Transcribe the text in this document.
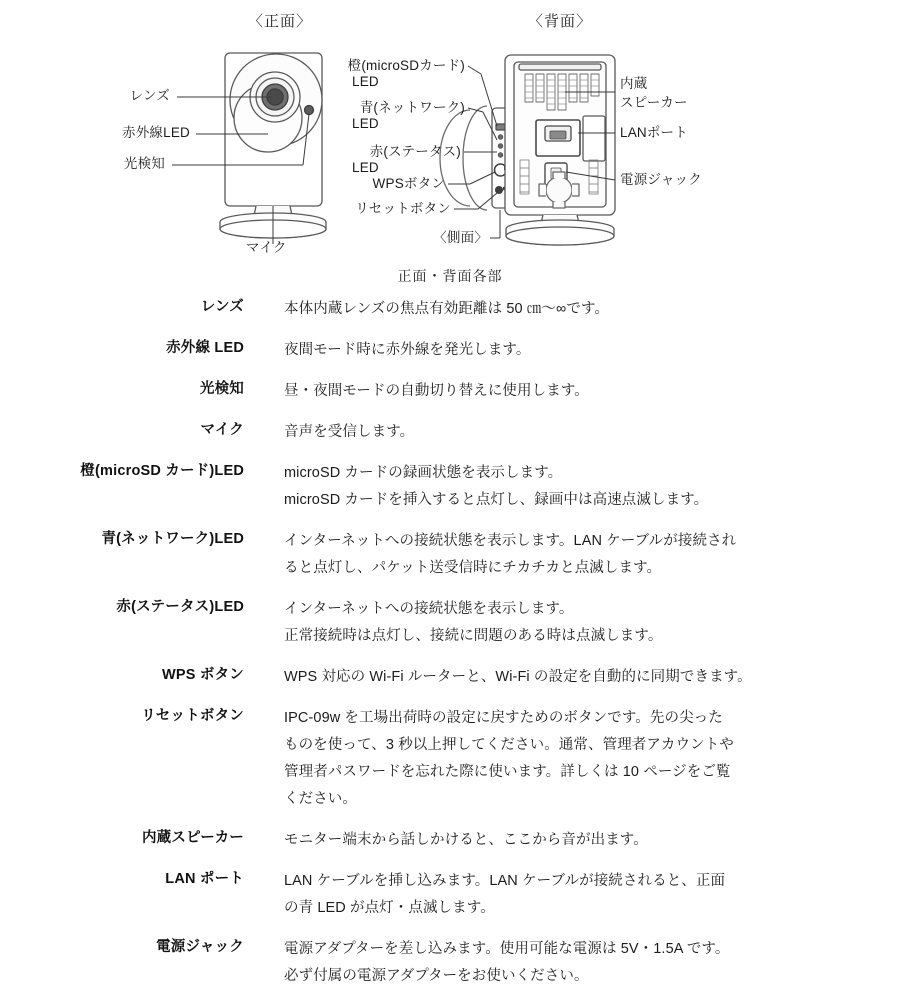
〈正面〉	〈背面〉
レンズ
赤外線LED
光検知
マイク
橙(microSDカード)
LED
青(ネットワーク)
LED
赤(ステータス)
LED
WPSボタン
リセットボタン
〈側面〉
内蔵
スピーカー
LANポート
電源ジャック
正面・背面各部
レンズ	本体内蔵レンズの焦点有効距離は 50 ㎝〜∞です。

赤外線 LED	夜間モード時に赤外線を発光します。

光検知	昼・夜間モードの自動切り替えに使用します。

マイク	音声を受信します。

橙(microSD カード)LED	microSD カードの録画状態を表示します。

microSD カードを挿入すると点灯し、録画中は高速点滅します。

青(ネットワーク)LED	インターネットへの接続状態を表示します。LAN ケーブルが接続され

ると点灯し、パケット送受信時にチカチカと点滅します。

赤(ステータス)LED	インターネットへの接続状態を表示します。

正常接続時は点灯し、接続に問題のある時は点滅します。

WPS ボタン	WPS 対応の Wi-Fi ルーターと、Wi-Fi の設定を自動的に同期できます。

リセットボタン	IPC-09w を工場出荷時の設定に戻すためのボタンです。先の尖った

ものを使って、3 秒以上押してください。通常、管理者アカウントや

管理者パスワードを忘れた際に使います。詳しくは 10 ページをご覧

ください。

内蔵スピーカー	モニター端末から話しかけると、ここから音が出ます。

LAN ポート	LAN ケーブルを挿し込みます。LAN ケーブルが接続されると、正面

の青 LED が点灯・点滅します。

電源ジャック	電源アダプターを差し込みます。使用可能な電源は 5V・1.5A です。

必ず付属の電源アダプターをお使いください。
